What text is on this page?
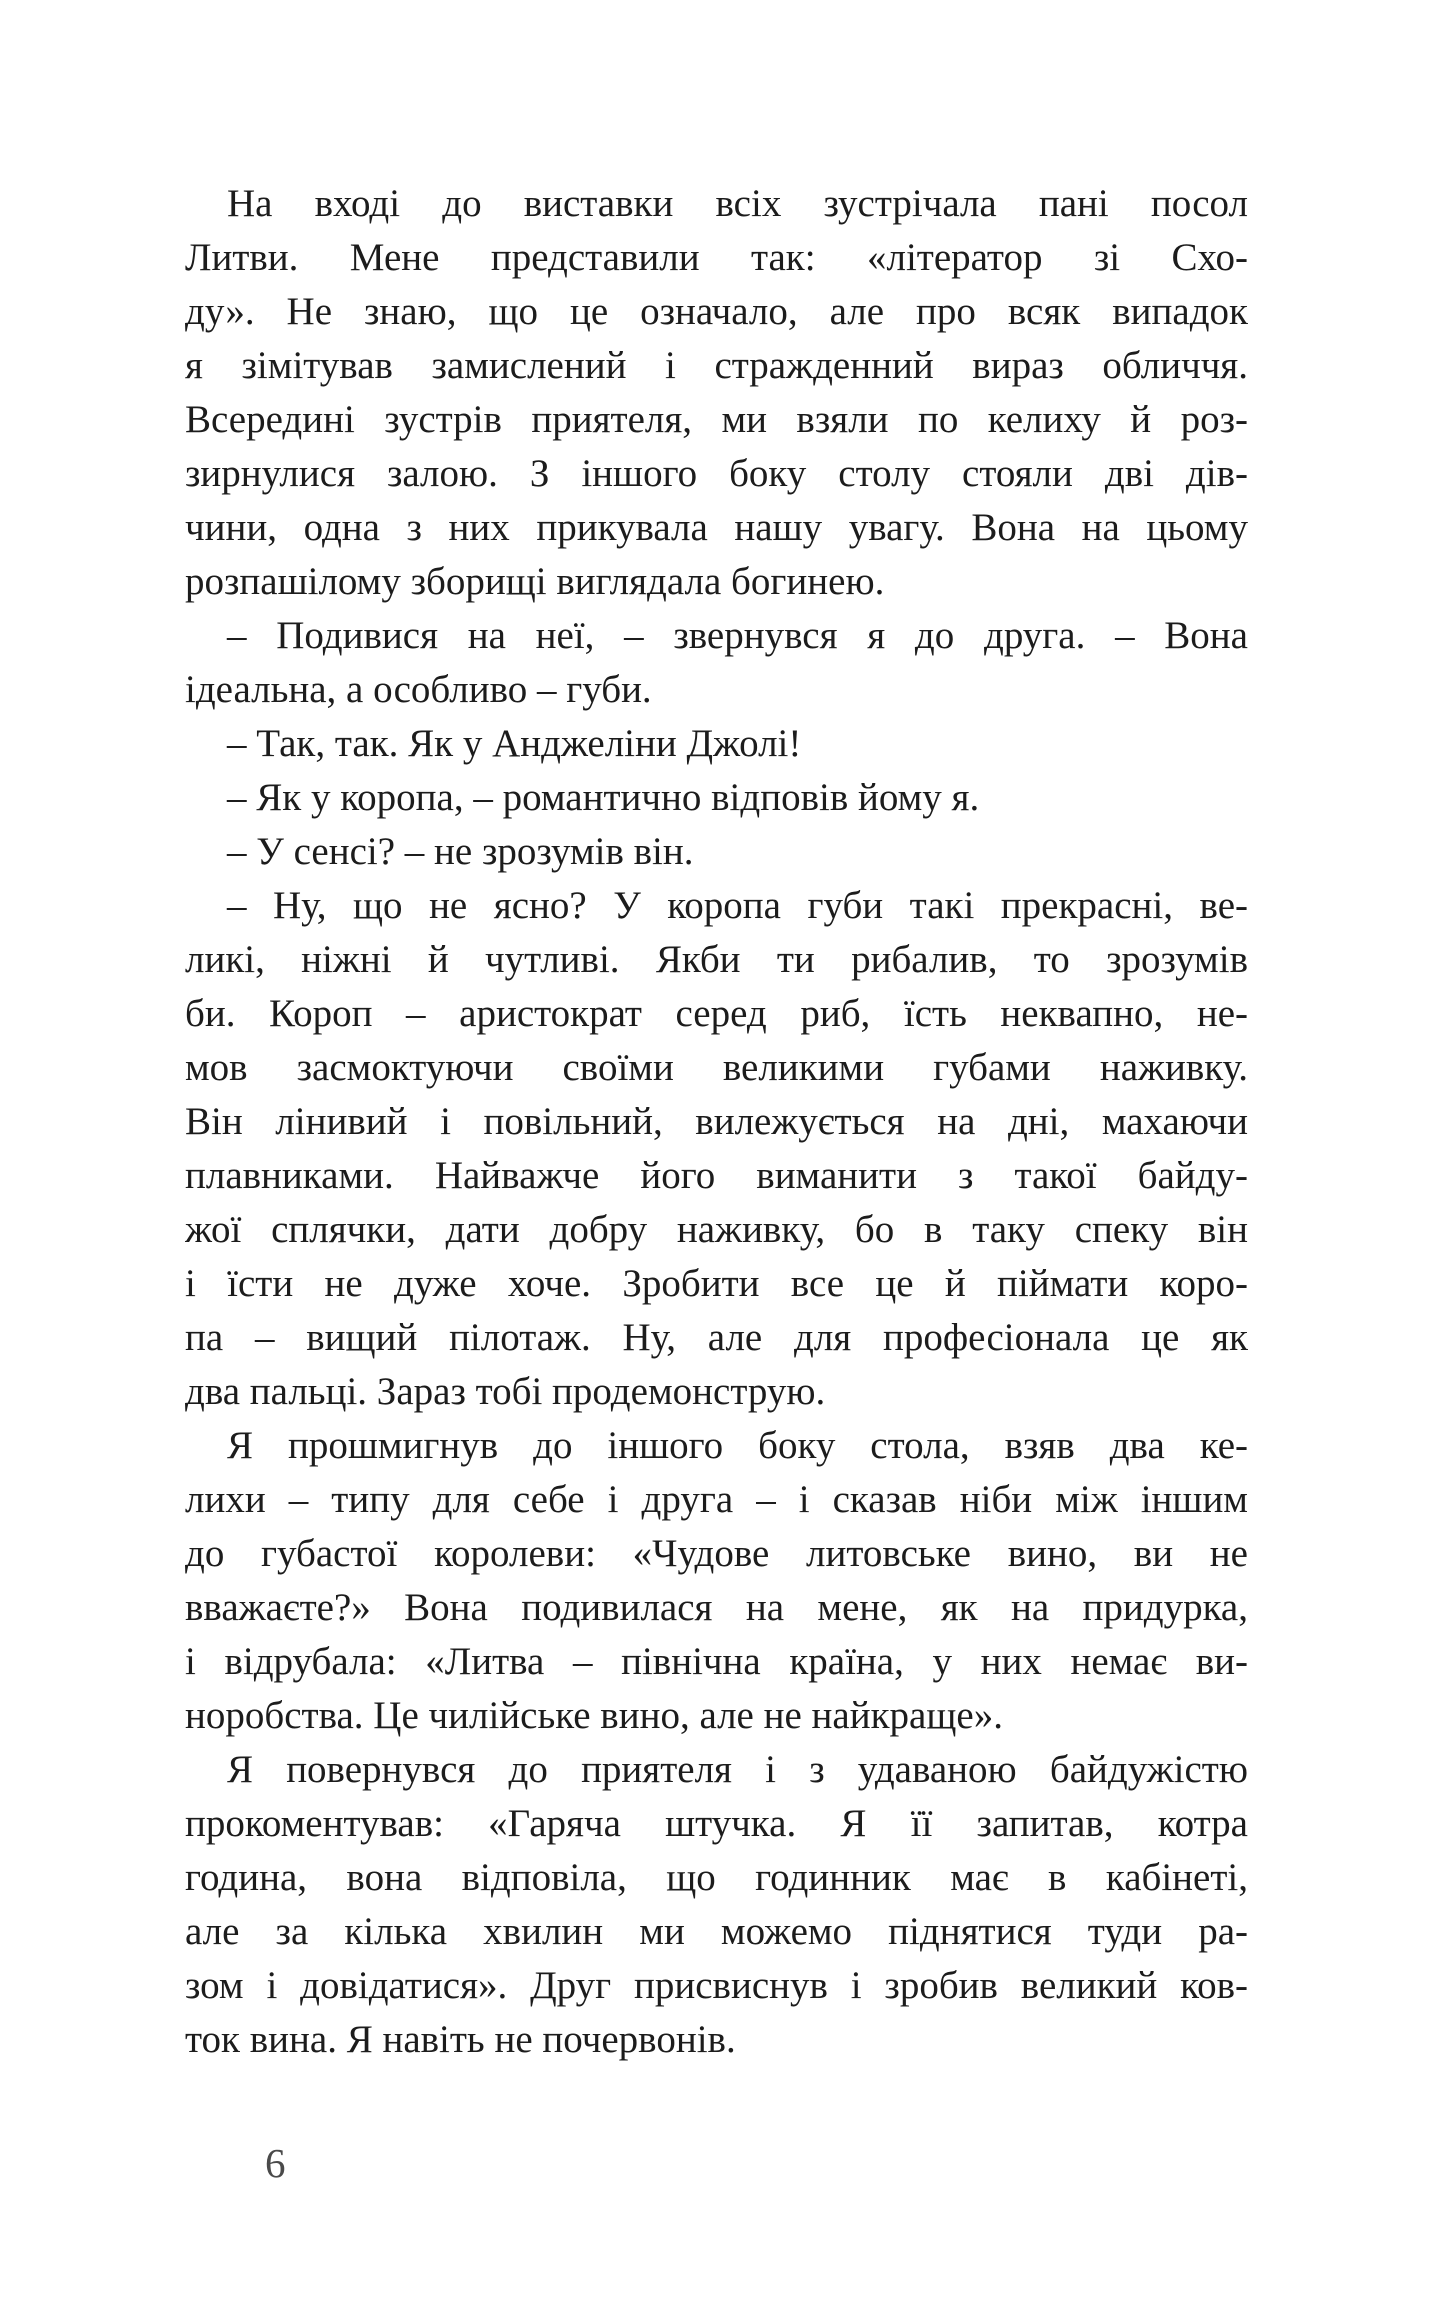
На вході до виставки всіх зустрічала пані посол
Литви. Мене представили так: «літератор зі Схо-
ду». Не знаю, що це означало, але про всяк випадок
я зімітував замислений і стражденний вираз обличчя.
Всередині зустрів приятеля, ми взяли по келиху й роз-
зирнулися залою. З іншого боку столу стояли дві дів-
чини, одна з них прикувала нашу увагу. Вона на цьому
розпашілому зборищі виглядала богинею.
– Подивися на неї, – звернувся я до друга. – Вона
ідеальна, а особливо – губи.
– Так, так. Як у Анджеліни Джолі!
– Як у коропа, – романтично відповів йому я.
– У сенсі? – не зрозумів він.
– Ну, що не ясно? У коропа губи такі прекрасні, ве-
ликі, ніжні й чутливі. Якби ти рибалив, то зрозумів
би. Короп – аристократ серед риб, їсть неквапно, не-
мов засмоктуючи своїми великими губами наживку.
Він лінивий і повільний, вилежується на дні, махаючи
плавниками. Найважче його виманити з такої байду-
жої сплячки, дати добру наживку, бо в таку спеку він
і їсти не дуже хоче. Зробити все це й піймати коро-
па – вищий пілотаж. Ну, але для професіонала це як
два пальці. Зараз тобі продемонструю.
Я прошмигнув до іншого боку стола, взяв два ке-
лихи – типу для себе і друга – і сказав ніби між іншим
до губастої королеви: «Чудове литовське вино, ви не
вважаєте?» Вона подивилася на мене, як на придурка,
і відрубала: «Литва – північна країна, у них немає ви-
норобства. Це чилійське вино, але не найкраще».
Я повернувся до приятеля і з удаваною байдужістю
прокоментував: «Гаряча штучка. Я її запитав, котра
година, вона відповіла, що годинник має в кабінеті,
але за кілька хвилин ми можемо піднятися туди ра-
зом і довідатися». Друг присвиснув і зробив великий ков-
ток вина. Я навіть не почервонів.
6
